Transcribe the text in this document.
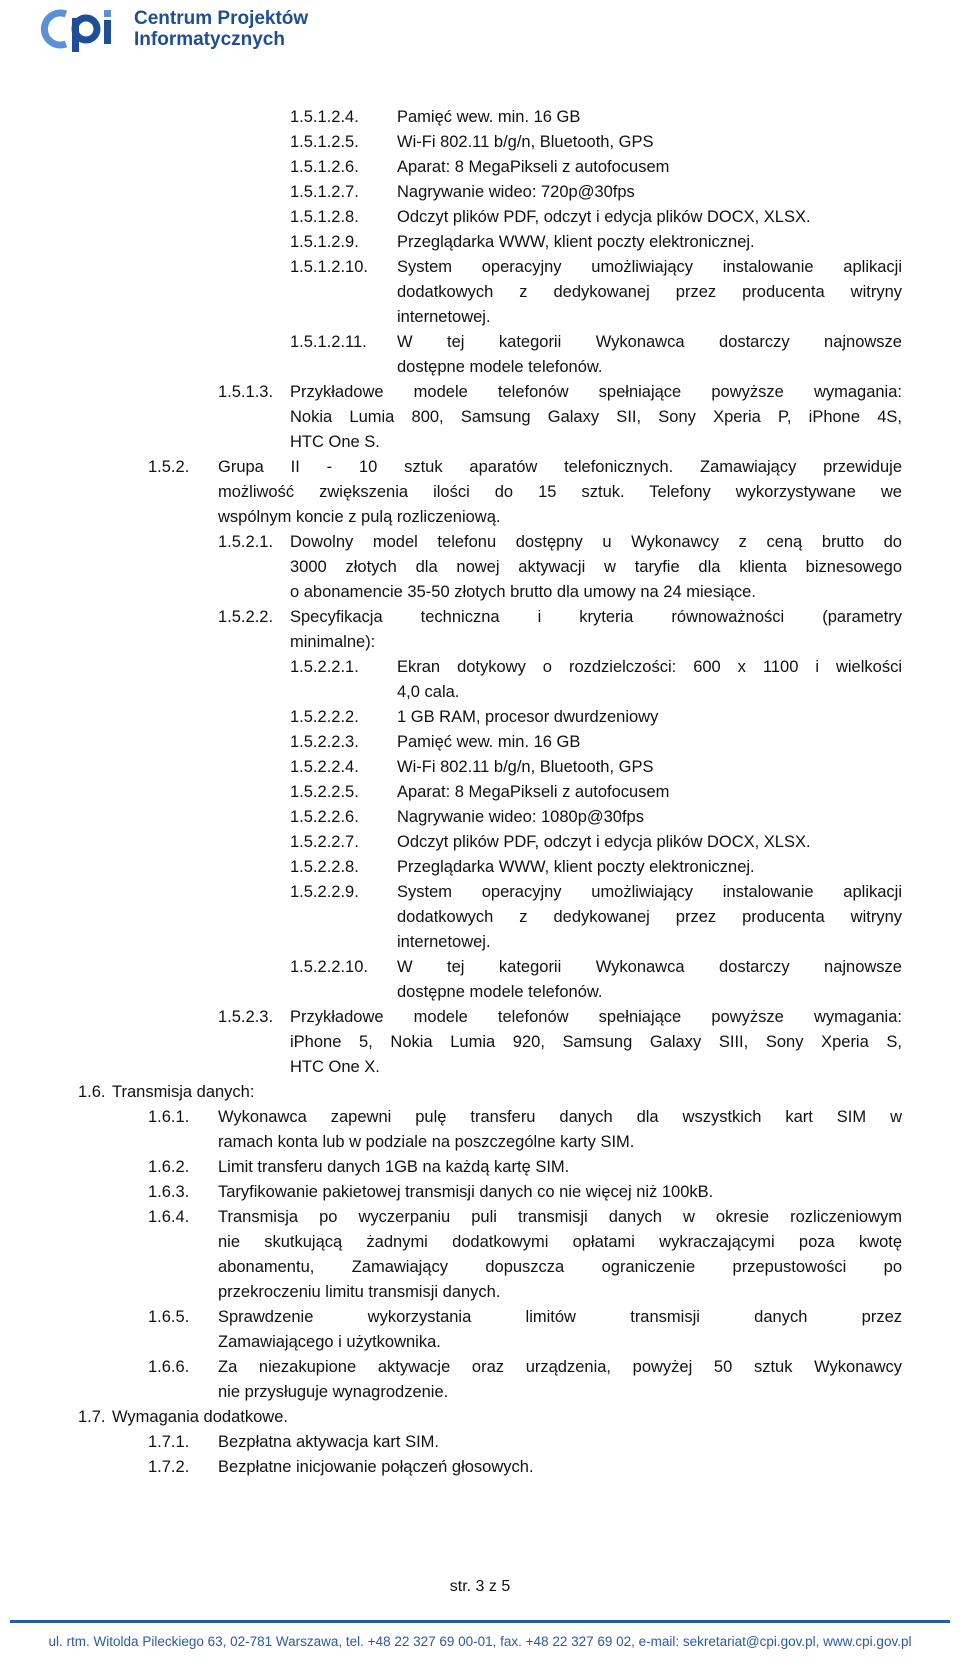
Centrum Projektów
Informatycznych
1.5.1.2.4. Pamięć wew. min. 16 GB
1.5.1.2.5. Wi-Fi 802.11 b/g/n, Bluetooth, GPS
1.5.1.2.6. Aparat: 8 MegaPikseli z autofocusem
1.5.1.2.7. Nagrywanie wideo: 720p@30fps
1.5.1.2.8. Odczyt plików PDF, odczyt i edycja plików DOCX, XLSX.
1.5.1.2.9. Przeglądarka WWW, klient poczty elektronicznej.
1.5.1.2.10. System operacyjny umożliwiający instalowanie aplikacji
dodatkowych z dedykowanej przez producenta witryny
internetowej.
1.5.1.2.11. W tej kategorii Wykonawca dostarczy najnowsze
dostępne modele telefonów.
1.5.1.3. Przykładowe modele telefonów spełniające powyższe wymagania:
Nokia Lumia 800, Samsung Galaxy SII, Sony Xperia P, iPhone 4S,
HTC One S.
1.5.2. Grupa II - 10 sztuk aparatów telefonicznych. Zamawiający przewiduje
możliwość zwiększenia ilości do 15 sztuk. Telefony wykorzystywane we
wspólnym koncie z pulą rozliczeniową.
1.5.2.1. Dowolny model telefonu dostępny u Wykonawcy z ceną brutto do
3000 złotych dla nowej aktywacji w taryfie dla klienta biznesowego
o abonamencie 35-50 złotych brutto dla umowy na 24 miesiące.
1.5.2.2. Specyfikacja techniczna i kryteria równoważności (parametry
minimalne):
1.5.2.2.1. Ekran dotykowy o rozdzielczości: 600 x 1100 i wielkości
4,0 cala.
1.5.2.2.2. 1 GB RAM, procesor dwurdzeniowy
1.5.2.2.3. Pamięć wew. min. 16 GB
1.5.2.2.4. Wi-Fi 802.11 b/g/n, Bluetooth, GPS
1.5.2.2.5. Aparat: 8 MegaPikseli z autofocusem
1.5.2.2.6. Nagrywanie wideo: 1080p@30fps
1.5.2.2.7. Odczyt plików PDF, odczyt i edycja plików DOCX, XLSX.
1.5.2.2.8. Przeglądarka WWW, klient poczty elektronicznej.
1.5.2.2.9. System operacyjny umożliwiający instalowanie aplikacji
dodatkowych z dedykowanej przez producenta witryny
internetowej.
1.5.2.2.10. W tej kategorii Wykonawca dostarczy najnowsze
dostępne modele telefonów.
1.5.2.3. Przykładowe modele telefonów spełniające powyższe wymagania:
iPhone 5, Nokia Lumia 920, Samsung Galaxy SIII, Sony Xperia S,
HTC One X.
1.6. Transmisja danych:
1.6.1. Wykonawca zapewni pulę transferu danych dla wszystkich kart SIM w
ramach konta lub w podziale na poszczególne karty SIM.
1.6.2. Limit transferu danych 1GB na każdą kartę SIM.
1.6.3. Taryfikowanie pakietowej transmisji danych co nie więcej niż 100kB.
1.6.4. Transmisja po wyczerpaniu puli transmisji danych w okresie rozliczeniowym
nie skutkującą żadnymi dodatkowymi opłatami wykraczającymi poza kwotę
abonamentu, Zamawiający dopuszcza ograniczenie przepustowości po
przekroczeniu limitu transmisji danych.
1.6.5. Sprawdzenie wykorzystania limitów transmisji danych przez
Zamawiającego i użytkownika.
1.6.6. Za niezakupione aktywacje oraz urządzenia, powyżej 50 sztuk Wykonawcy
nie przysługuje wynagrodzenie.
1.7. Wymagania dodatkowe.
1.7.1. Bezpłatna aktywacja kart SIM.
1.7.2. Bezpłatne inicjowanie połączeń głosowych.
str. 3 z 5
ul. rtm. Witolda Pileckiego 63, 02-781 Warszawa, tel. +48 22 327 69 00-01, fax. +48 22 327 69 02, e-mail: sekretariat@cpi.gov.pl, www.cpi.gov.pl
